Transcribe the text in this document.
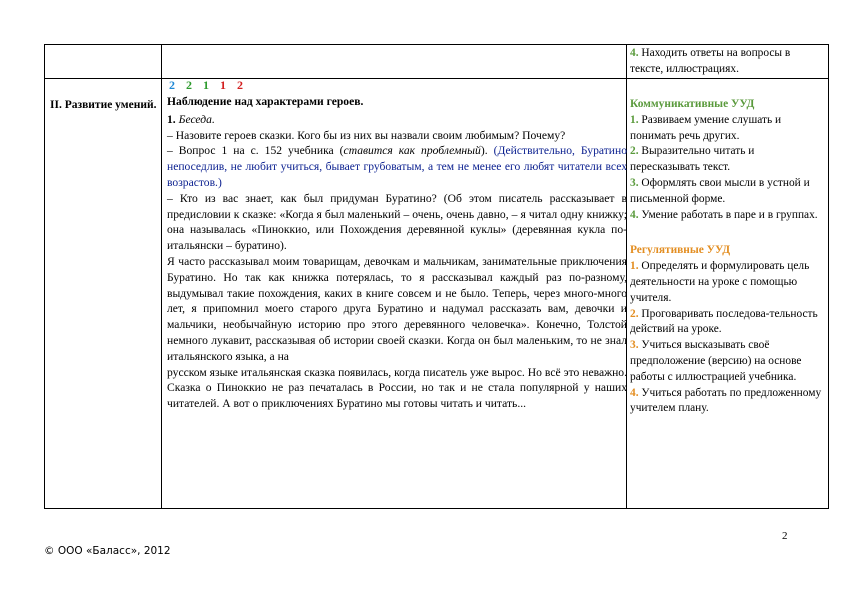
4. Находить ответы на вопросы в тексте, иллюстрациях.
II. Развитие умений.
2 2 1 1 2
Наблюдение над характерами героев.
1. Беседа.

– Назовите героев сказки. Кого бы из них вы назвали своим любимым? Почему?

– Вопрос 1 на с. 152 учебника (ставится как проблемный). (Действительно, Буратино непоседлив, не любит учиться, бывает грубоватым, а тем не менее его любят читатели всех возрастов.)

– Кто из вас знает, как был придуман Буратино? (Об этом писатель рассказывает в предисловии к сказке: «Когда я был маленький – очень, очень давно, – я читал одну книжку; она называлась «Пиноккио, или Похождения деревянной куклы» (деревянная кукла по-итальянски – буратино).

Я часто рассказывал моим товарищам, девочкам и мальчикам, занимательные приключения Буратино. Но так как книжка потерялась, то я рассказывал каждый раз по-разному, выдумывал такие похождения, каких в книге совсем и не было. Теперь, через много-много лет, я припомнил моего старого друга Буратино и надумал рассказать вам, девочки и мальчики, необычайную историю про этого деревянного человечка». Конечно, Толстой немного лукавит, рассказывая об истории своей сказки. Когда он был маленьким, то не знал итальянского языка, а на

русском языке итальянская сказка появилась, когда писатель уже вырос. Но всё это неважно. Сказка о Пиноккио не раз печаталась в России, но так и не стала популярной у наших читателей. А вот о приключениях Буратино мы готовы читать и читать...

Коммуникативные УУД
1. Развиваем умение слушать и понимать речь других.
2. Выразительно читать и пересказывать текст.
3. Оформлять свои мысли в устной и письменной форме.
4. Умение работать в паре и в группах.
Регулятивные УУД
1. Определять и формулировать цель деятельности на уроке с помощью учителя.
2. Проговаривать последова-тельность действий на уроке.
3. Учиться высказывать своё предположение (версию) на основе работы с иллюстрацией учебника.
4. Учиться работать по предложенному учителем плану.
2
© ООО «Баласс», 2012
